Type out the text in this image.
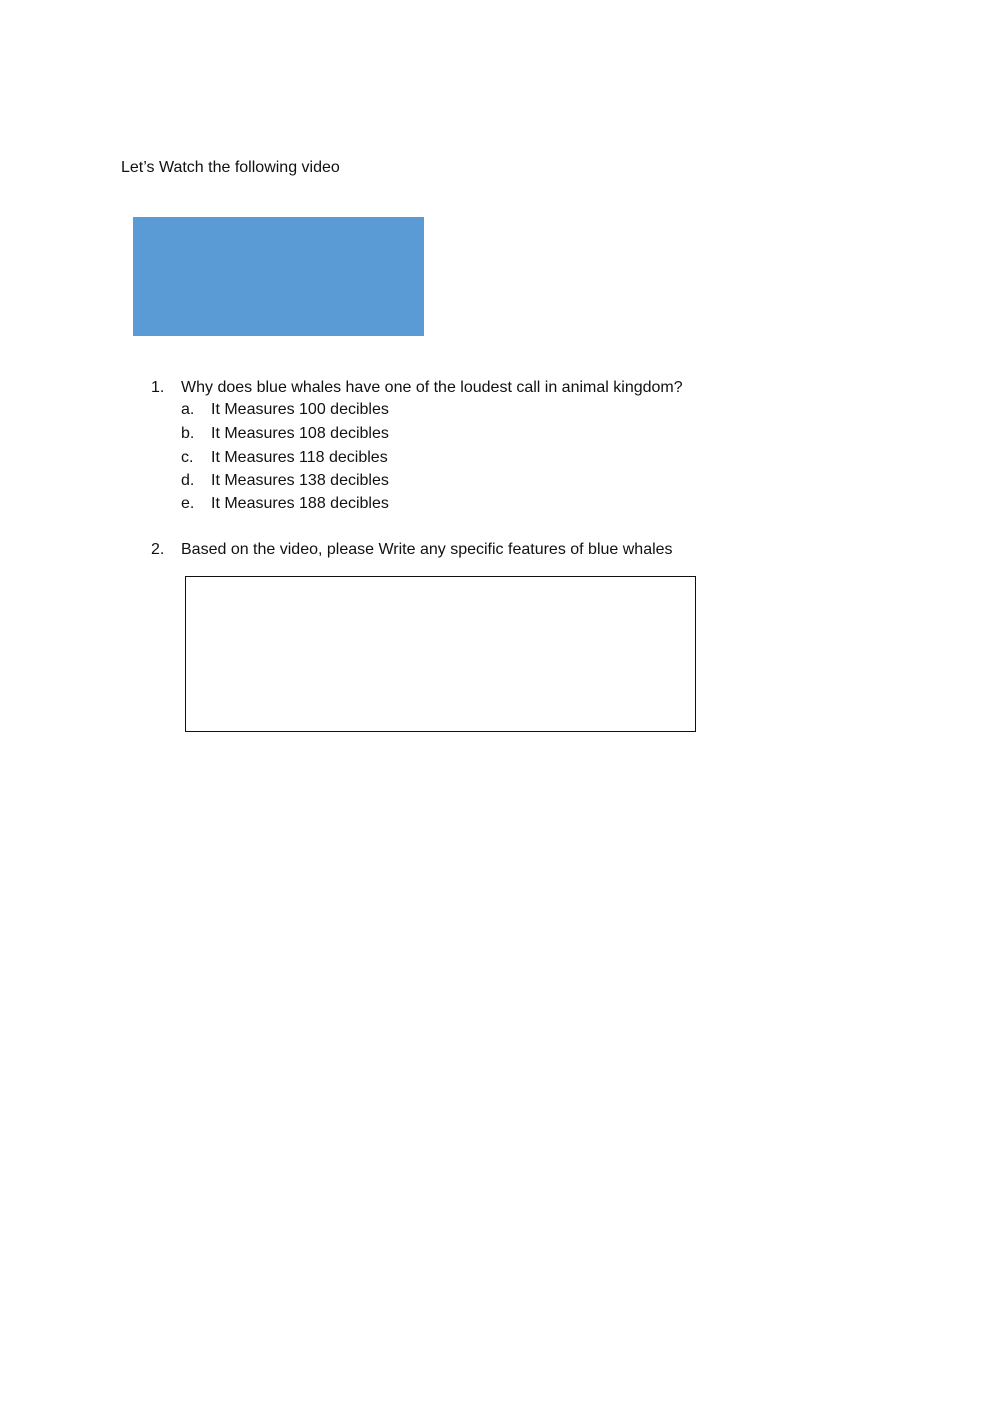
Let’s Watch the following video
1. Why does blue whales have one of the loudest call in animal kingdom?
a. It Measures 100 decibles
b. It Measures 108 decibles
c. It Measures 118 decibles
d. It Measures 138 decibles
e. It Measures 188 decibles
2. Based on the video, please Write any specific features of blue whales
